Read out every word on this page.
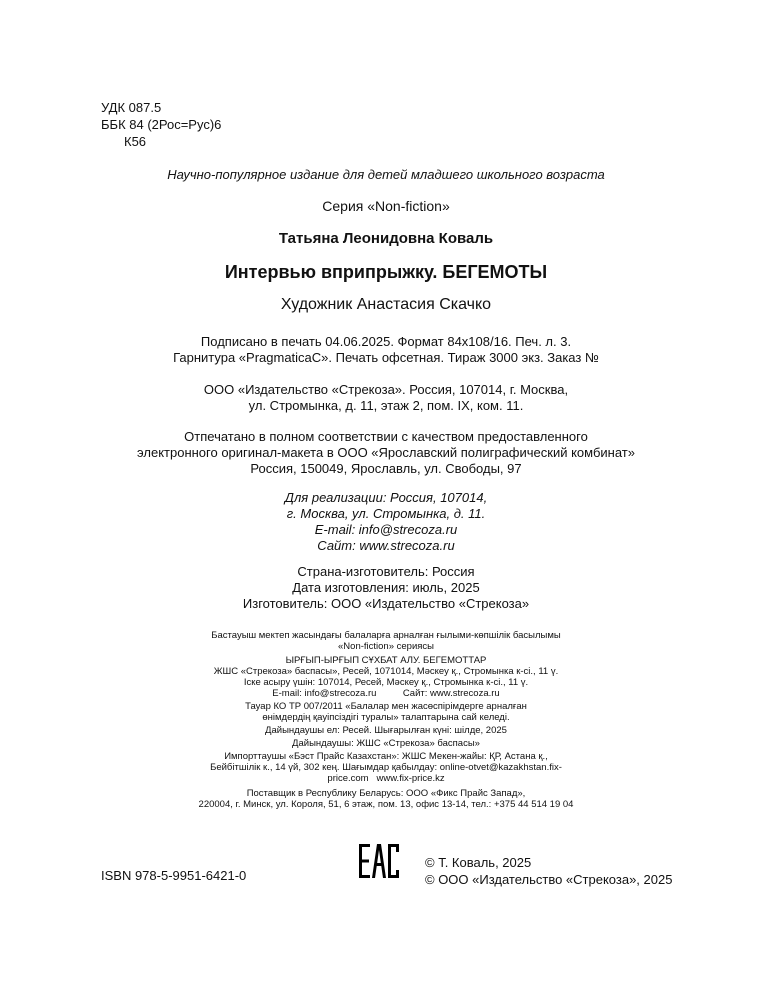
УДК 087.5
ББК 84 (2Рос=Рус)6
К56
Научно-популярное издание для детей младшего школьного возраста
Серия «Non-fiction»
Татьяна Леонидовна Коваль
Интервью вприпрыжку. БЕГЕМОТЫ
Художник Анастасия Скачко
Подписано в печать 04.06.2025. Формат 84х108/16. Печ. л. 3.
Гарнитура «PragmaticaC». Печать офсетная. Тираж 3000 экз. Заказ №
ООО «Издательство «Стрекоза». Россия, 107014, г. Москва,
ул. Стромынка, д. 11, этаж 2, пом. IX, ком. 11.
Отпечатано в полном соответствии с качеством предоставленного
электронного оригинал-макета в ООО «Ярославский полиграфический комбинат»
Россия, 150049, Ярославль, ул. Свободы, 97
Для реализации: Россия, 107014,
г. Москва, ул. Стромынка, д. 11.
E-mail: info@strecoza.ru
Сайт: www.strecoza.ru
Страна-изготовитель: Россия
Дата изготовления: июль, 2025
Изготовитель: ООО «Издательство «Стрекоза»
Бастауыш мектеп жасындағы балаларға арналған ғылыми-көпшілік басылымы
«Non-fiction» сериясы
ЫРҒЫП-ЫРҒЫП СҰХБАТ АЛУ. БЕГЕМОТТАР
ЖШС «Стрекоза» баспасы», Ресей, 1071014, Мәскеу қ., Стромынка к-сі., 11 ү.
Іске асыру үшін: 107014, Ресей, Мәскеу қ., Стромынка к-сі., 11 ү.
E-mail: info@strecoza.ru          Сайт: www.strecoza.ru
Тауар КО ТР 007/2011 «Балалар мен жасөспірімдерге арналған
өнімдердің қауіпсіздігі туралы» талаптарына сай келеді.
Дайындаушы ел: Ресей. Шығарылған күні: шілде, 2025
Дайындаушы: ЖШС «Стрекоза» баспасы»
Импорттаушы «Бэст Прайс Казахстан»: ЖШС Мекен-жайы: ҚР, Астана қ.,
Бейбітшілік к., 14 үй, 302 кең. Шағымдар қабылдау: online-otvet@kazakhstan.fix-
price.com   www.fix-price.kz
Поставщик в Республику Беларусь: ООО «Фикс Прайс Запад»,
220004, г. Минск, ул. Короля, 51, 6 этаж, пом. 13, офис 13-14, тел.: +375 44 514 19 04
ISBN 978-5-9951-6421-0
© Т. Коваль, 2025
© ООО «Издательство «Стрекоза», 2025
